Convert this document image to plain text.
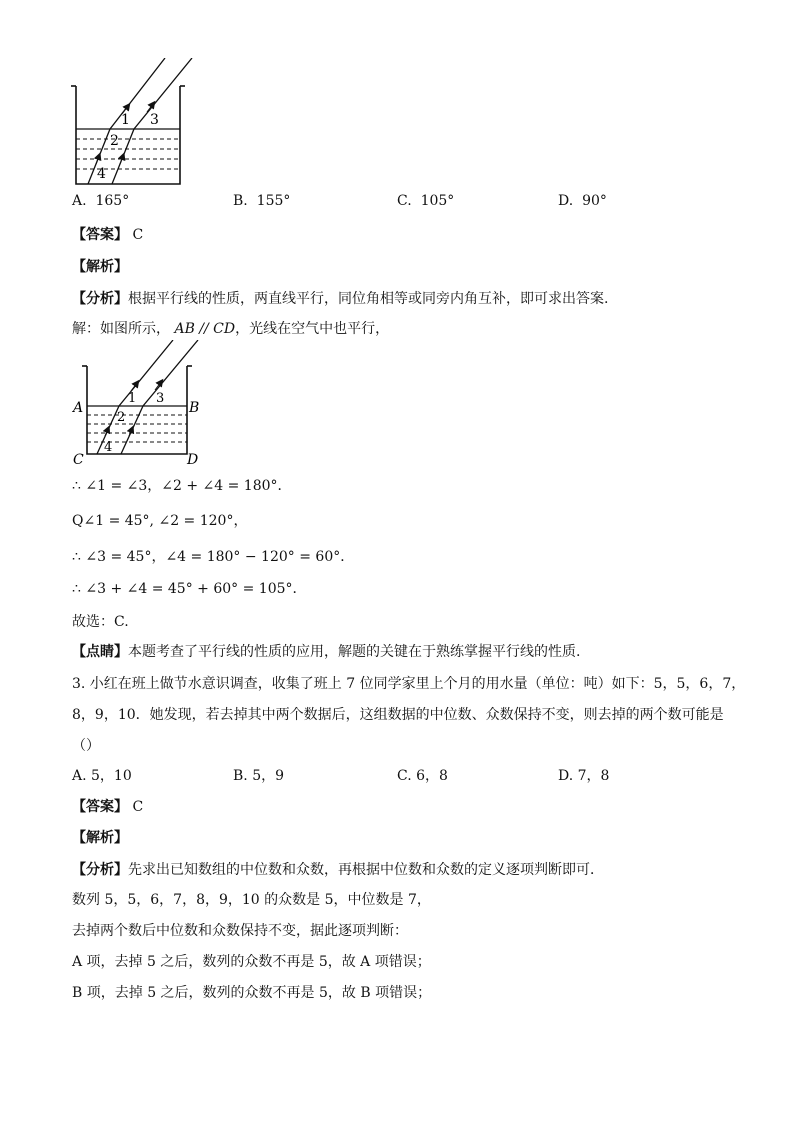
1
2
3
4
A. 165°	B. 155°	C. 105°	D. 90°
【答案】 C
【解析】
【分析】根据平行线的性质，两直线平行，同位角相等或同旁内角互补，即可求出答案.
解：如图所示， AB // CD，光线在空气中也平行，
1
2
3
4
A	B
C	D
∴ ∠1 = ∠3，∠2 + ∠4 = 180°．
Q∠1 = 45°, ∠2 = 120°，
∴ ∠3 = 45°，∠4 = 180° − 120° = 60°．
∴ ∠3 + ∠4 = 45° + 60° = 105°．
故选：C.
【点睛】本题考查了平行线的性质的应用，解题的关键在于熟练掌握平行线的性质.
3. 小红在班上做节水意识调查，收集了班上 7 位同学家里上个月的用水量（单位：吨）如下：5，5，6，7，
8，9，10．她发现，若去掉其中两个数据后，这组数据的中位数、众数保持不变，则去掉的两个数可能是
（）
A. 5，10	B. 5，9	C. 6，8	D. 7，8
【答案】 C
【解析】
【分析】先求出已知数组的中位数和众数，再根据中位数和众数的定义逐项判断即可．
数列 5，5，6，7，8，9，10 的众数是 5，中位数是 7，
去掉两个数后中位数和众数保持不变，据此逐项判断：
A 项，去掉 5 之后，数列的众数不再是 5，故 A 项错误；
B 项，去掉 5 之后，数列的众数不再是 5，故 B 项错误；
